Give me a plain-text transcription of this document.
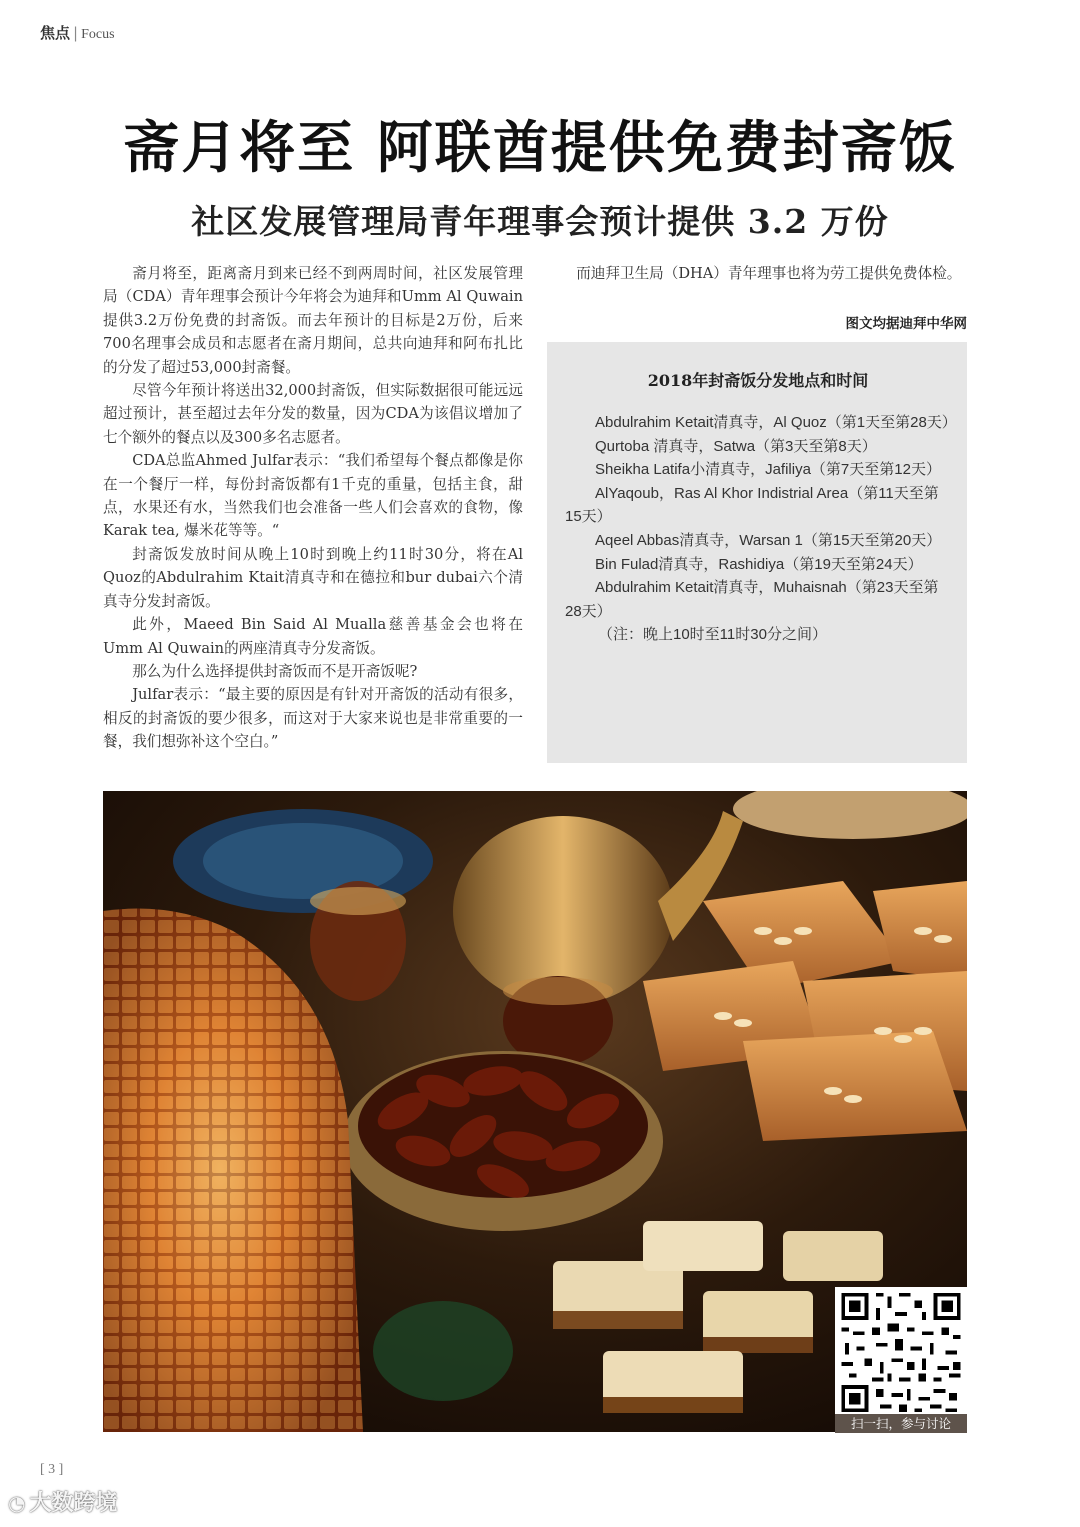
焦点 | Focus
斋月将至 阿联酋提供免费封斋饭
社区发展管理局青年理事会预计提供 3.2 万份

斋月将至，距离斋月到来已经不到两周时间，社区发展管理局（CDA）青年理事会预计今年将会为迪拜和Umm Al Quwain提供3.2万份免费的封斋饭。而去年预计的目标是2万份，后来700名理事会成员和志愿者在斋月期间，总共向迪拜和阿布扎比的分发了超过53,000封斋餐。

尽管今年预计将送出32,000封斋饭，但实际数据很可能远远超过预计，甚至超过去年分发的数量，因为CDA为该倡议增加了七个额外的餐点以及300多名志愿者。

CDA总监Ahmed Julfar表示：“我们希望每个餐点都像是你在一个餐厅一样，每份封斋饭都有1千克的重量，包括主食，甜点，水果还有水，当然我们也会准备一些人们会喜欢的食物，像Karak tea, 爆米花等等。“

封斋饭发放时间从晚上10时到晚上约11时30分，将在Al Quoz的Abdulrahim Ktait清真寺和在德拉和bur dubai六个清真寺分发封斋饭。

此外，Maeed Bin Said Al Mualla慈善基金会也将在Umm Al Quwain的两座清真寺分发斋饭。

那么为什么选择提供封斋饭而不是开斋饭呢?

Julfar表示：“最主要的原因是有针对开斋饭的活动有很多，相反的封斋饭的要少很多，而这对于大家来说也是非常重要的一餐，我们想弥补这个空白。”

而迪拜卫生局（DHA）青年理事也将为劳工提供免费体检。

图文均据迪拜中华网
2018年封斋饭分发地点和时间

Abdulrahim Ketait清真寺，Al Quoz（第1天至第28天）

Qurtoba 清真寺，Satwa（第3天至第8天）

Sheikha Latifa小清真寺，Jafiliya（第7天至第12天）

AlYaqoub，Ras Al Khor Indistrial Area（第11天至第15天）

Aqeel Abbas清真寺，Warsan 1（第15天至第20天）

Bin Fulad清真寺，Rashidiya（第19天至第24天）

Abdulrahim Ketait清真寺，Muhaisnah（第23天至第28天）

（注：晚上10时至11时30分之间）

扫一扫，参与讨论
[ 3 ]
◔ 大数跨境
